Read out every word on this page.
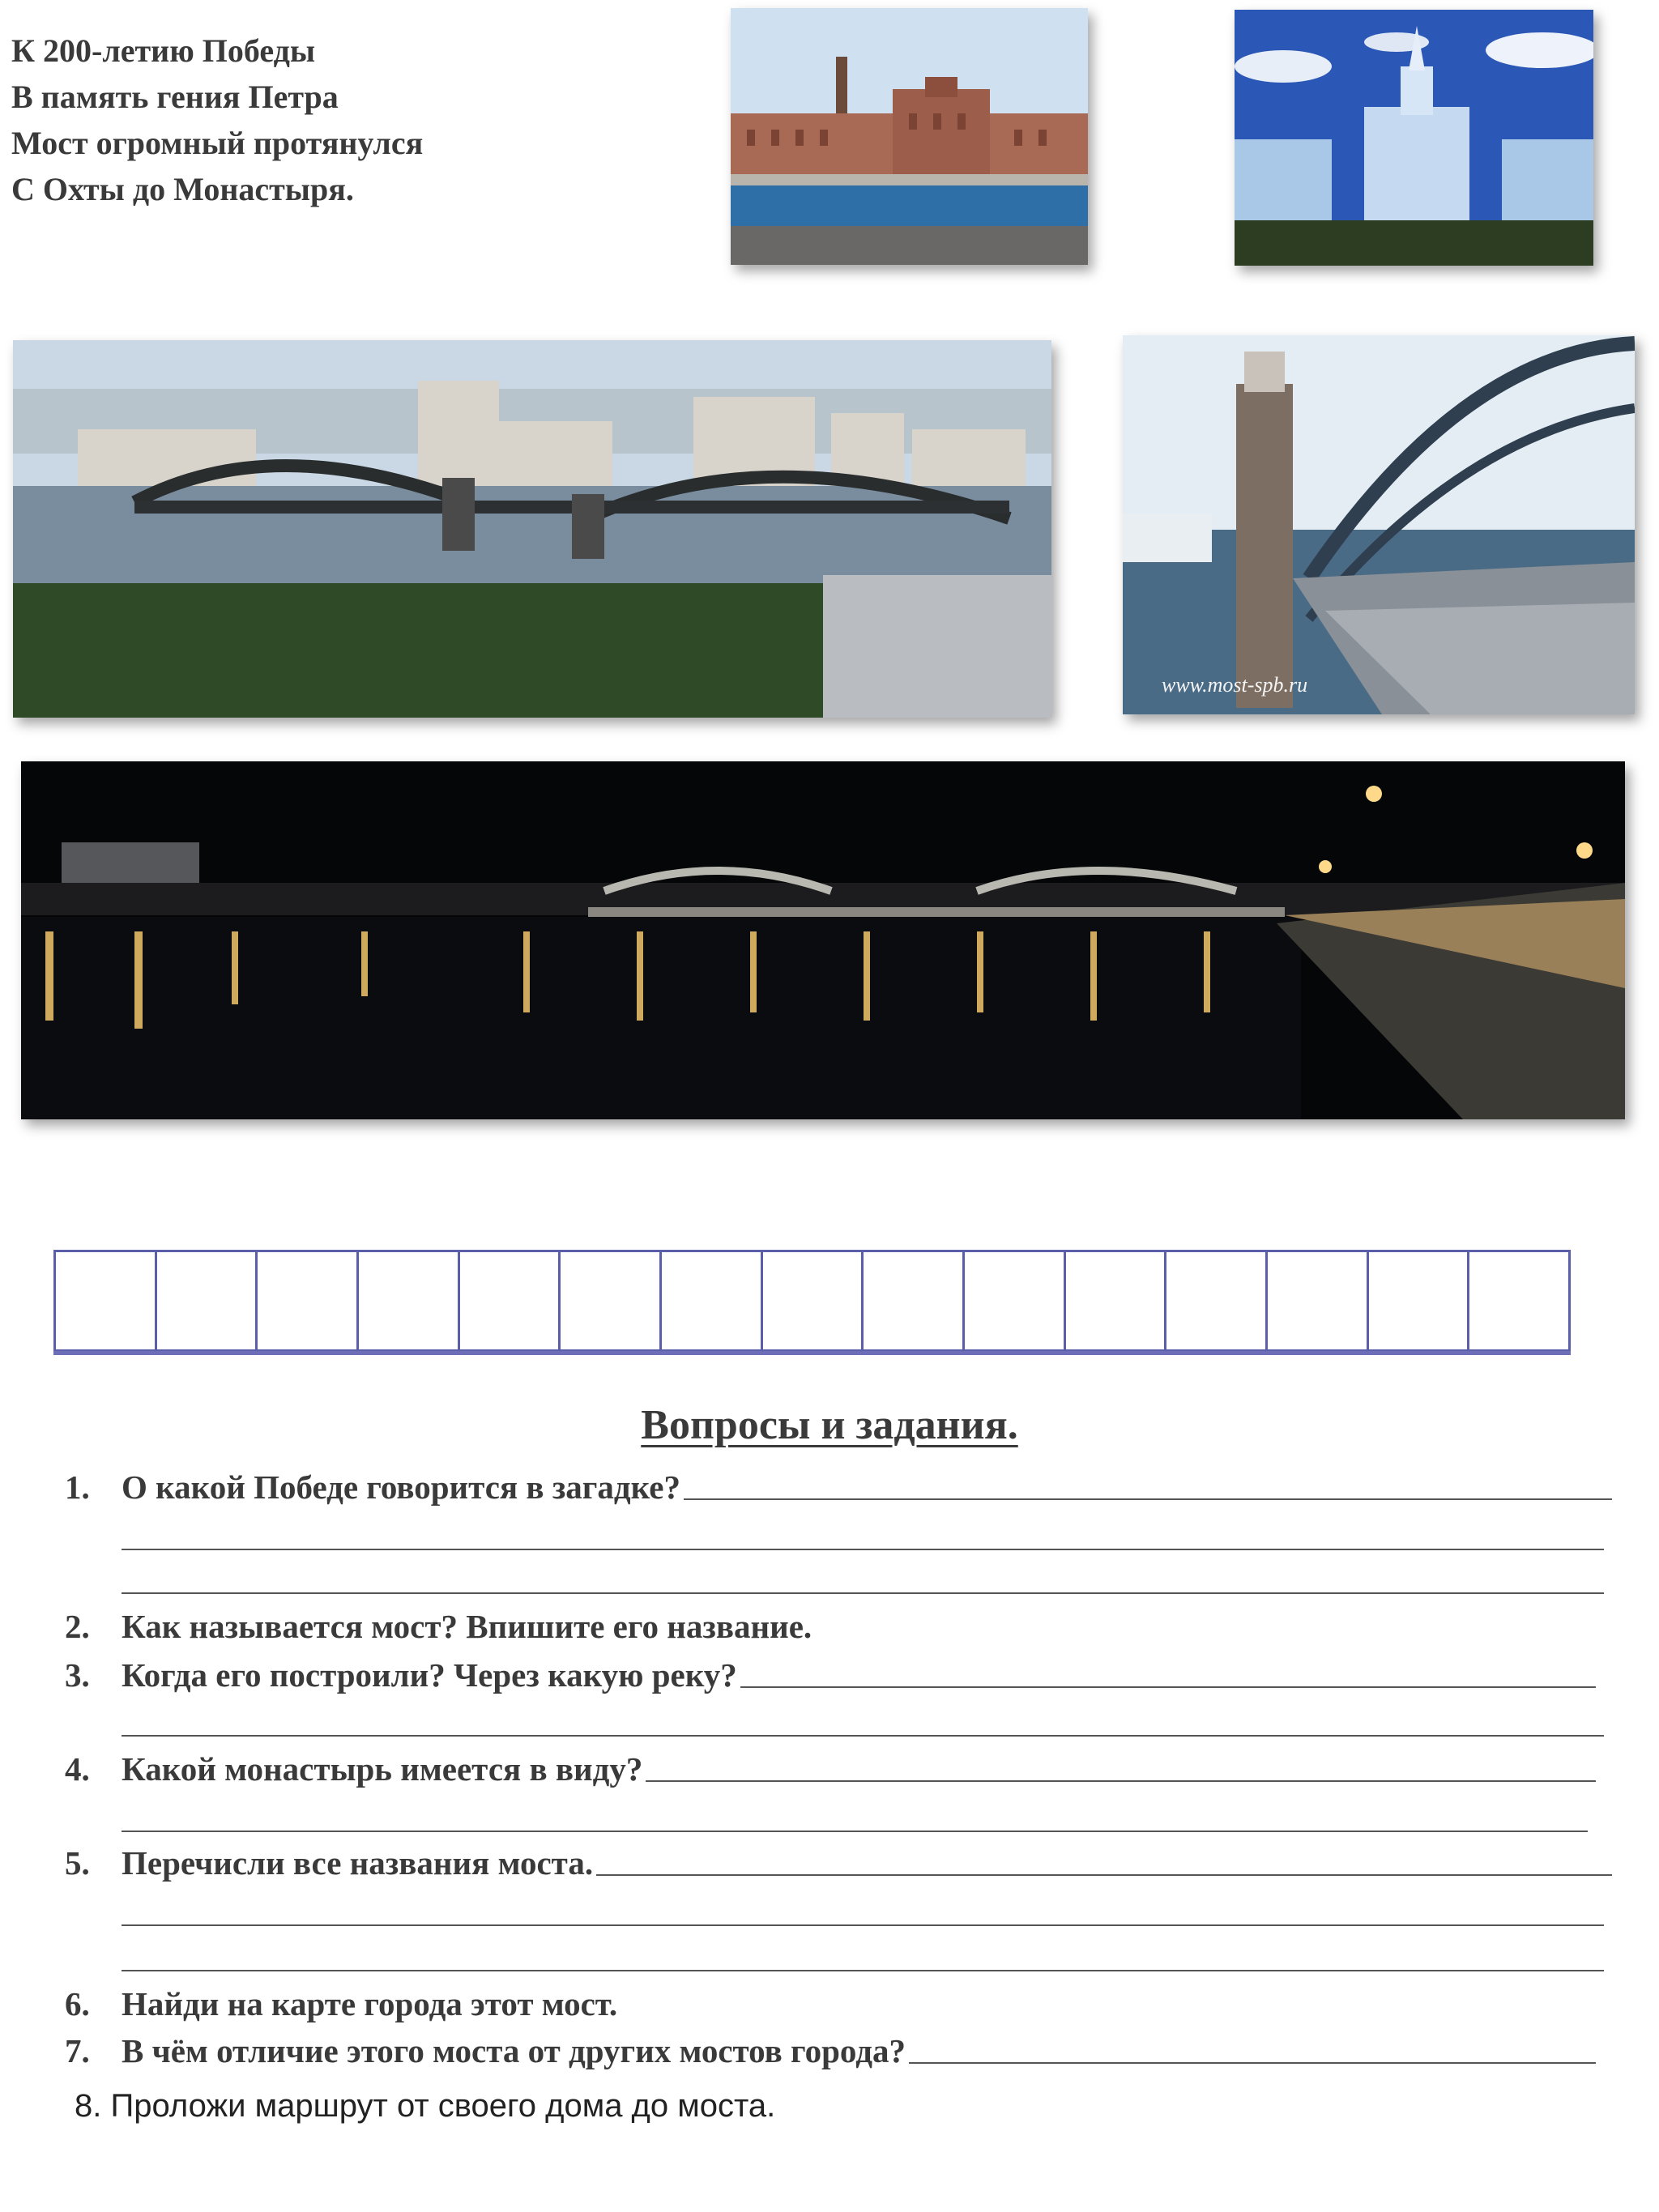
К 200-летию Победы
В память гения Петра
Мост огромный протянулся
С Охты до Монастыря.
www.most-spb.ru
Вопросы и задания.
1. О какой Победе говорится в загадке?
2. Как называется мост? Впишите его название.
3. Когда его построили? Через какую реку?
4. Какой монастырь имеется в виду?
5. Перечисли все названия моста.
6. Найди на карте города этот мост.
7. В чём отличие этого моста от других мостов города?
8. Проложи маршрут от своего дома до моста.
